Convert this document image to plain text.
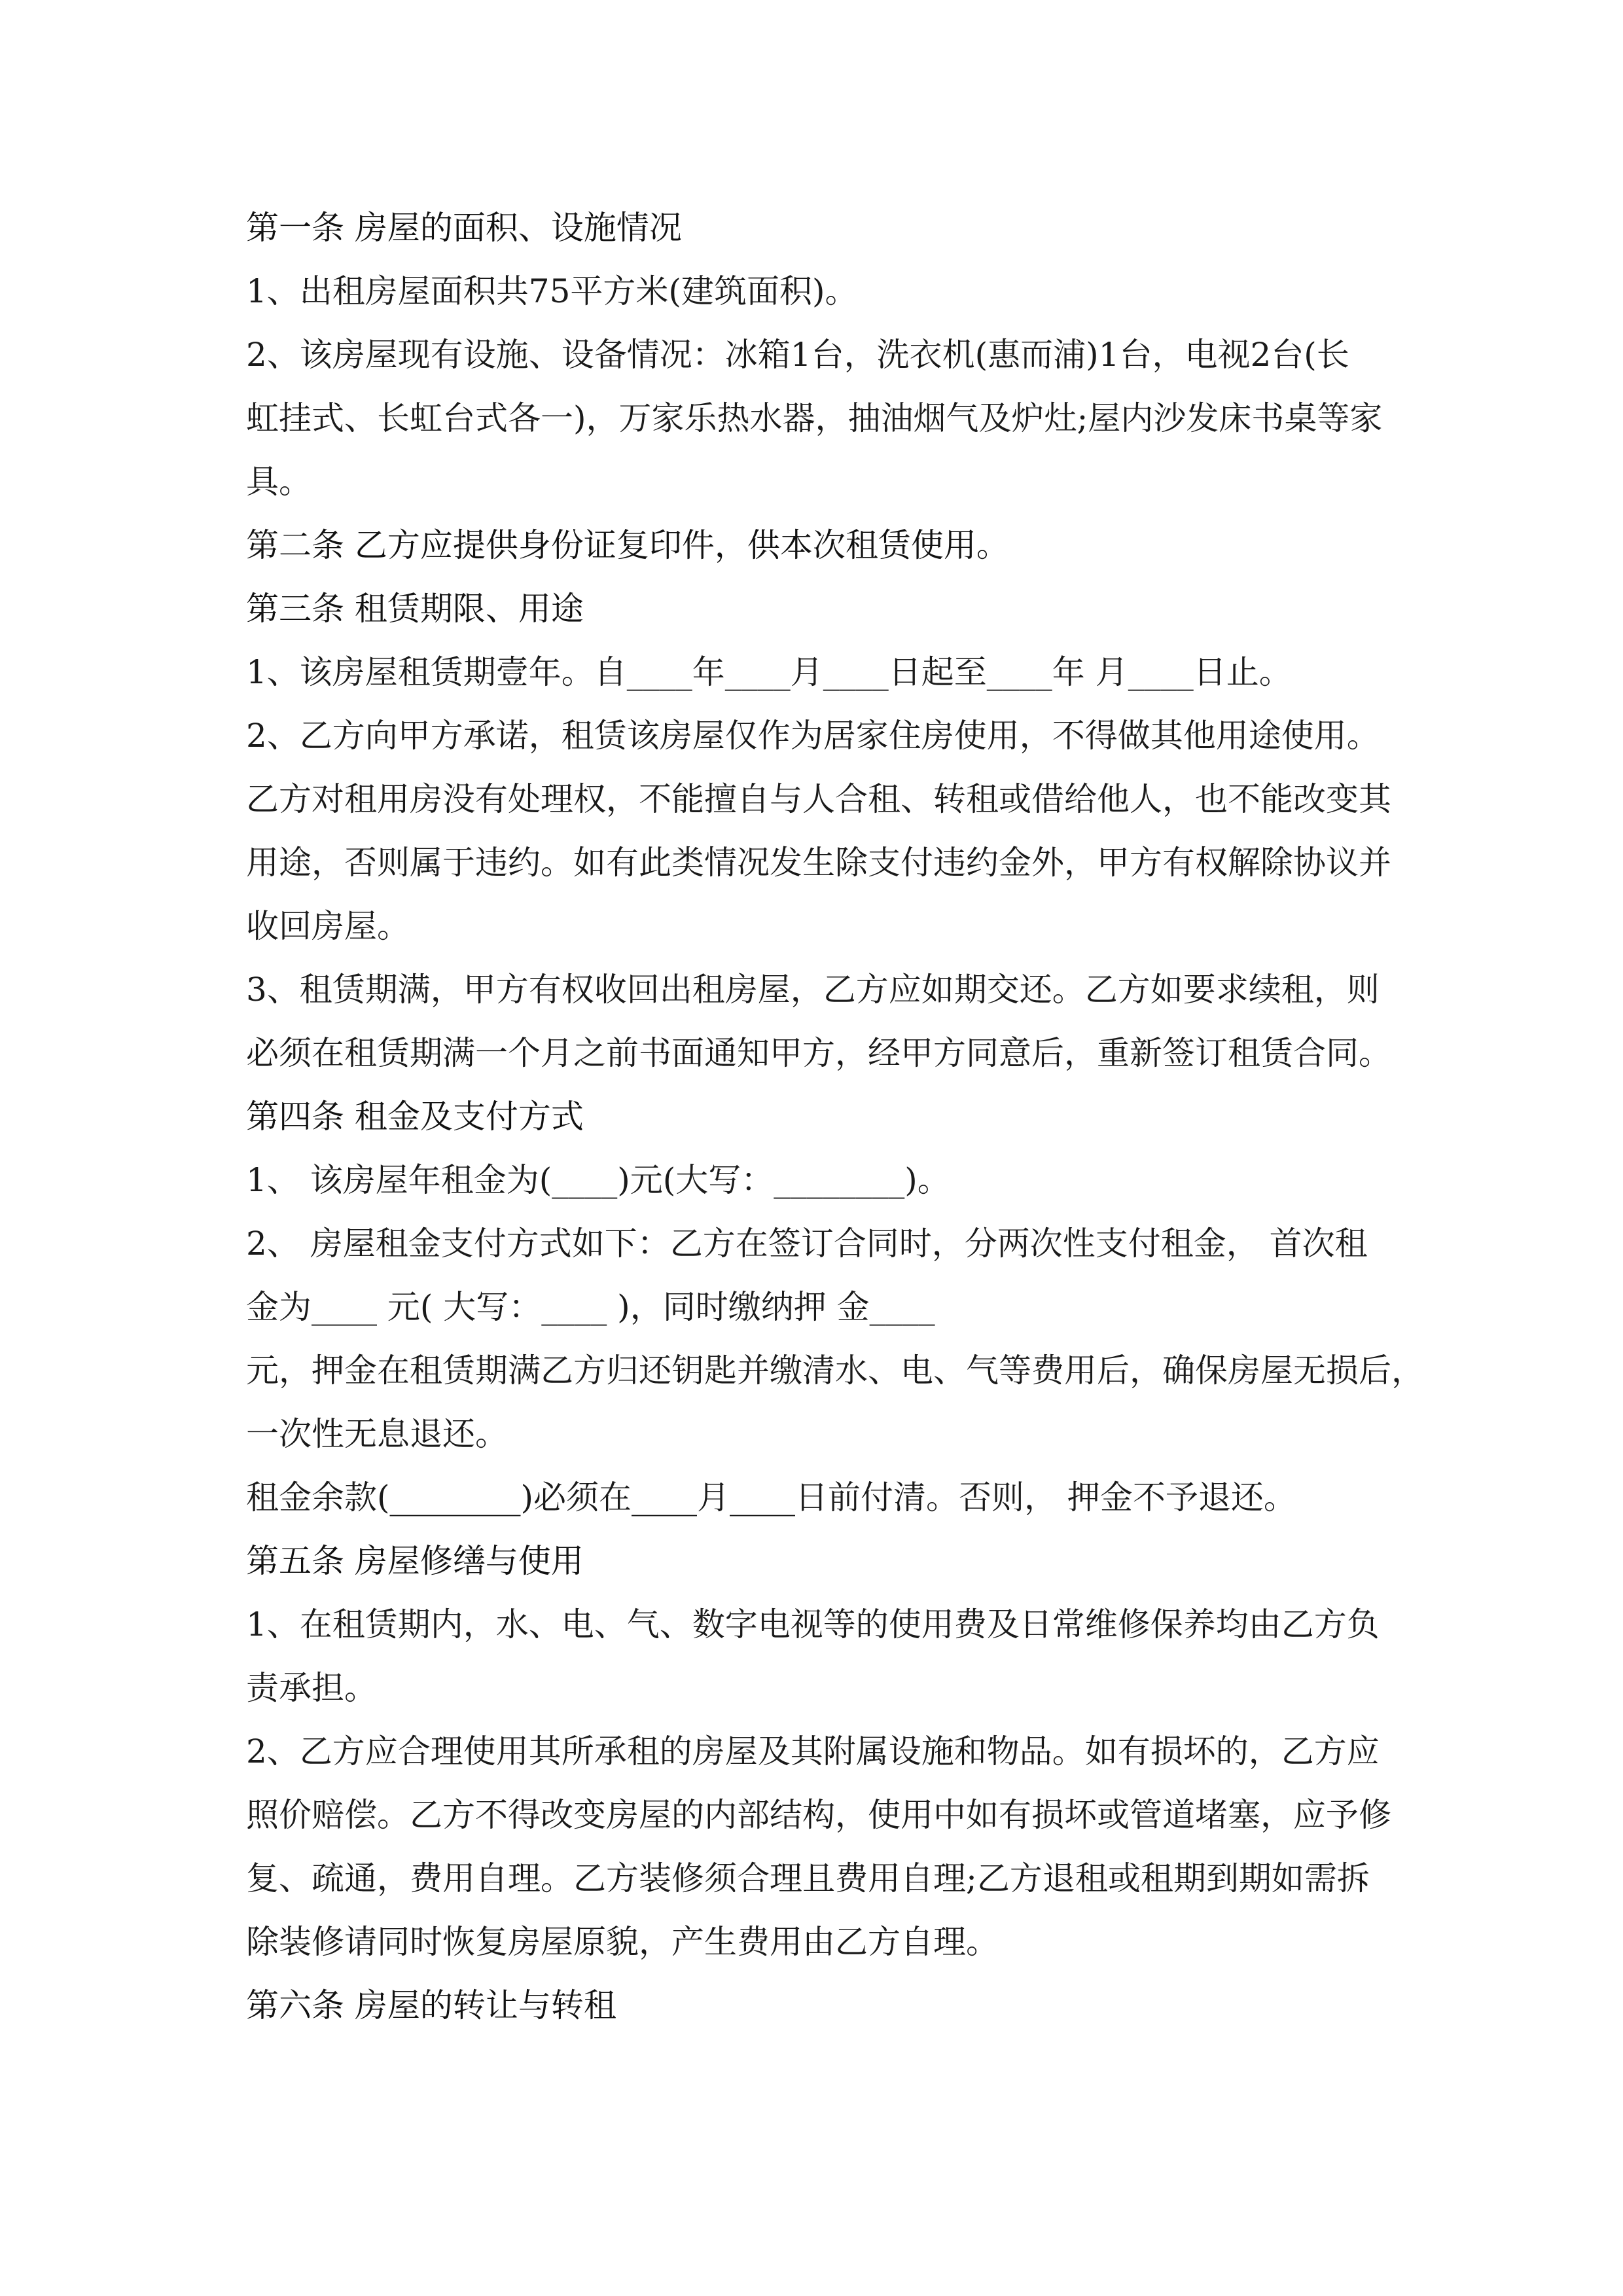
第一条 房屋的面积、设施情况
1、出租房屋面积共75平方米(建筑面积)。
2、该房屋现有设施、设备情况：冰箱1台，洗衣机(惠而浦)1台，电视2台(长
虹挂式、长虹台式各一)，万家乐热水器，抽油烟气及炉灶;屋内沙发床书桌等家
具。
第二条 乙方应提供身份证复印件，供本次租赁使用。
第三条 租赁期限、用途
1、该房屋租赁期壹年。自____年____月____日起至____年 月____日止。
2、乙方向甲方承诺，租赁该房屋仅作为居家住房使用，不得做其他用途使用。
乙方对租用房没有处理权，不能擅自与人合租、转租或借给他人，也不能改变其
用途，否则属于违约。如有此类情况发生除支付违约金外，甲方有权解除协议并
收回房屋。
3、租赁期满，甲方有权收回出租房屋，乙方应如期交还。乙方如要求续租，则
必须在租赁期满一个月之前书面通知甲方，经甲方同意后，重新签订租赁合同。
第四条 租金及支付方式
1、 该房屋年租金为(____)元(大写：________)。
2、 房屋租金支付方式如下：乙方在签订合同时，分两次性支付租金， 首次租
金为____ 元( 大写：____ )，同时缴纳押 金____
元，押金在租赁期满乙方归还钥匙并缴清水、电、气等费用后，确保房屋无损后，
一次性无息退还。
租金余款(________)必须在____月____日前付清。否则， 押金不予退还。
第五条 房屋修缮与使用
1、在租赁期内，水、电、气、数字电视等的使用费及日常维修保养均由乙方负
责承担。
2、乙方应合理使用其所承租的房屋及其附属设施和物品。如有损坏的，乙方应
照价赔偿。乙方不得改变房屋的内部结构，使用中如有损坏或管道堵塞，应予修
复、疏通，费用自理。乙方装修须合理且费用自理;乙方退租或租期到期如需拆
除装修请同时恢复房屋原貌，产生费用由乙方自理。
第六条 房屋的转让与转租
